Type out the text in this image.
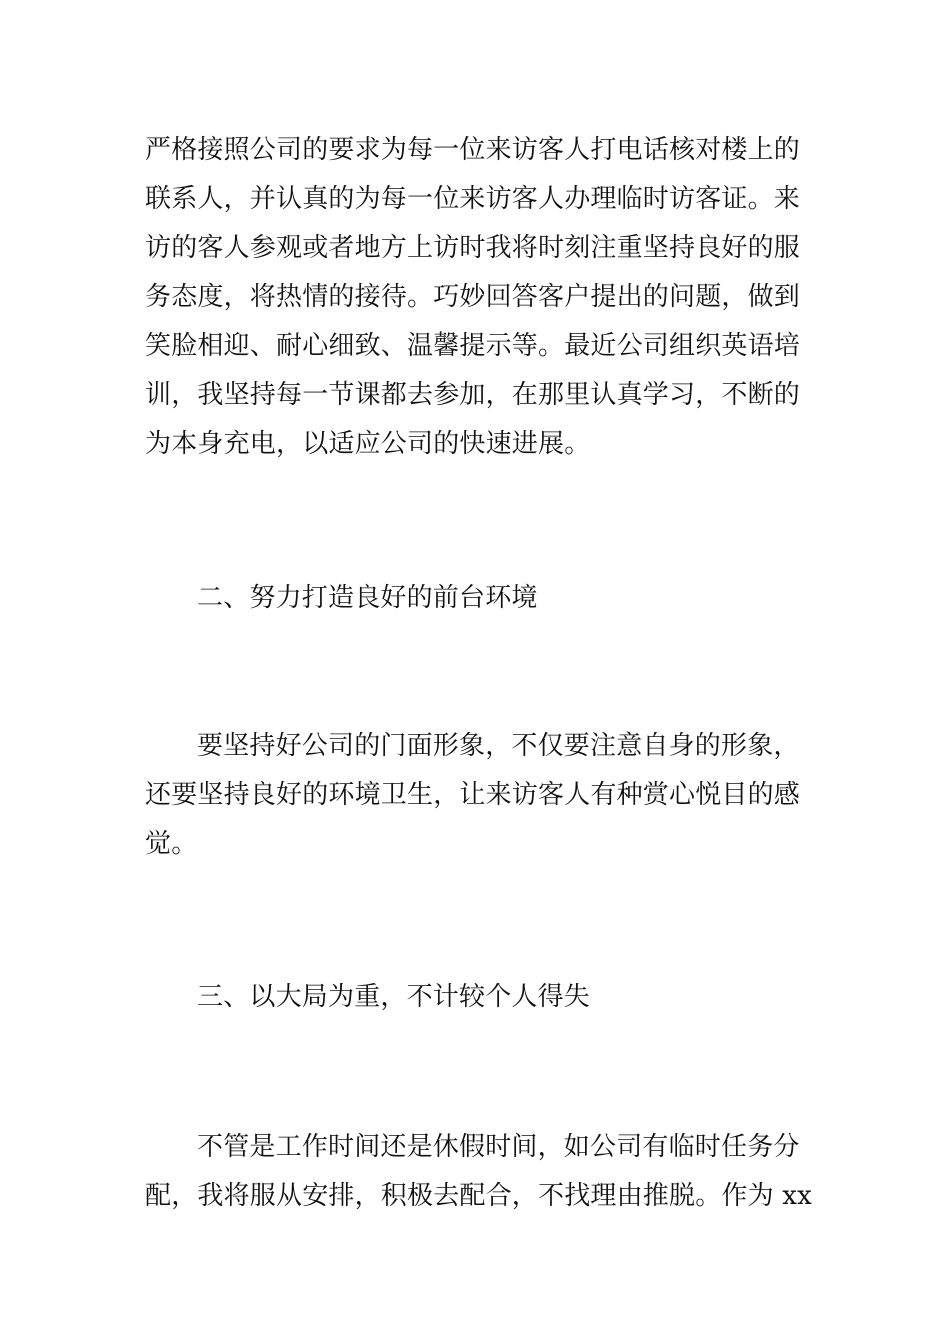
严格接照公司的要求为每一位来访客人打电话核对楼上的
联系人，并认真的为每一位来访客人办理临时访客证。来
访的客人参观或者地方上访时我将时刻注重坚持良好的服
务态度，将热情的接待。巧妙回答客户提出的问题，做到
笑脸相迎、耐心细致、温馨提示等。最近公司组织英语培
训，我坚持每一节课都去参加，在那里认真学习，不断的
为本身充电，以适应公司的快速进展。
二、努力打造良好的前台环境
要坚持好公司的门面形象，不仅要注意自身的形象，
还要坚持良好的环境卫生，让来访客人有种赏心悦目的感
觉。
三、以大局为重，不计较个人得失
不管是工作时间还是休假时间，如公司有临时任务分
配，我将服从安排，积极去配合，不找理由推脱。作为 xx
